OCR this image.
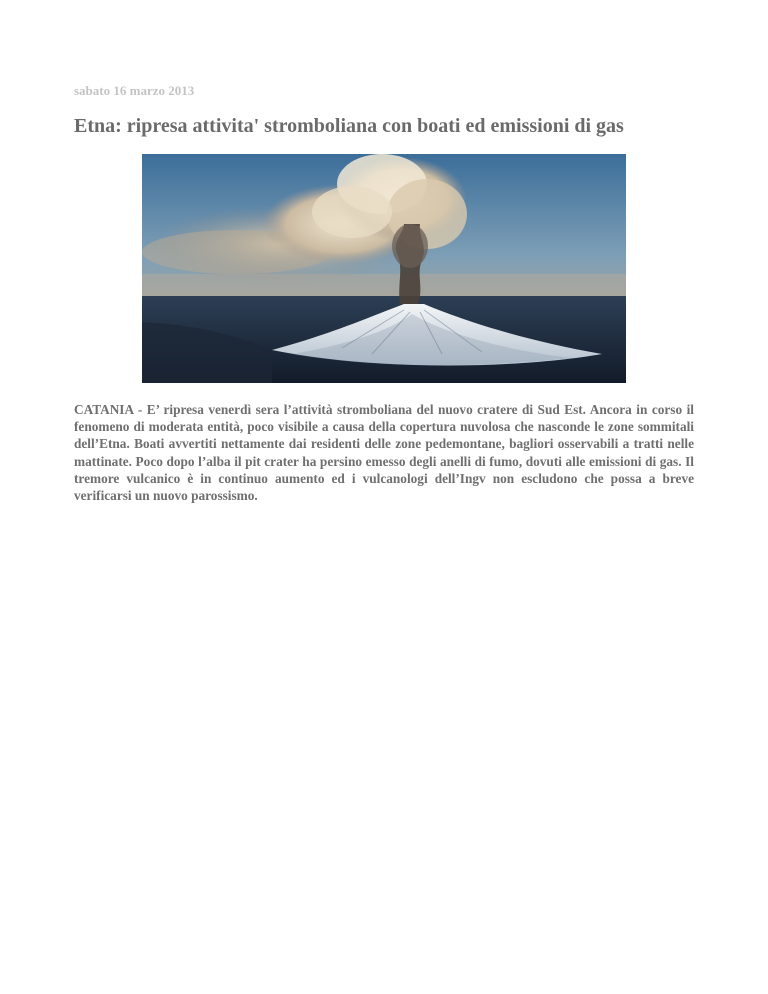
sabato 16 marzo 2013
Etna: ripresa attivita' stromboliana con boati ed emissioni di gas

CATANIA - E’ ripresa venerdì sera l’attività stromboliana del nuovo cratere di Sud Est. Ancora in corso il fenomeno di moderata entità, poco visibile a causa della copertura nuvolosa che nasconde le zone sommitali dell’Etna. Boati avvertiti nettamente dai residenti delle zone pedemontane, bagliori osservabili a tratti nelle mattinate. Poco dopo l’alba il pit crater ha persino emesso degli anelli di fumo, dovuti alle emissioni di gas. Il tremore vulcanico è in continuo aumento ed i vulcanologi dell’Ingv non escludono che possa a breve verificarsi un nuovo parossismo.
